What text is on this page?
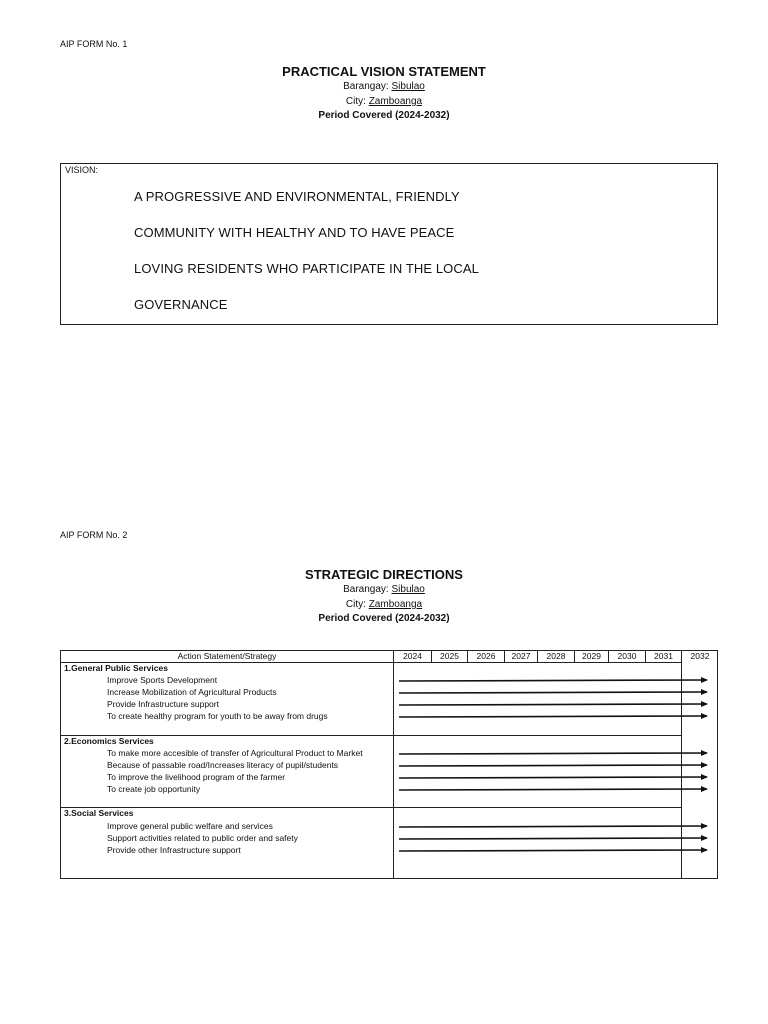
AIP FORM No. 1
PRACTICAL VISION STATEMENT
Barangay: Sibulao
City: Zamboanga
Period Covered (2024-2032)
VISION:
A PROGRESSIVE AND ENVIRONMENTAL, FRIENDLY
COMMUNITY WITH HEALTHY AND TO HAVE PEACE
LOVING RESIDENTS WHO PARTICIPATE IN THE LOCAL
GOVERNANCE
AIP FORM No. 2
STRATEGIC DIRECTIONS
Barangay: Sibulao
City: Zamboanga
Period Covered (2024-2032)
Action Statement/Strategy	2024	2025	2026	2027	2028	2029	2030	2031	2032
1.General Public Services
Improve Sports Development
Increase Mobilization of Agricultural Products
Provide Infrastructure support
To create healthy program for youth to be away from drugs
2.Economics Services
To make more accesible of transfer of Agricultural Product to Market
Because of passable road/Increases literacy of pupil/students
To improve the livelihood program of the farmer
To create job opportunity
3.Social Services
Improve general public welfare and services
Support activities related to public order and safety
Provide other Infrastructure support
